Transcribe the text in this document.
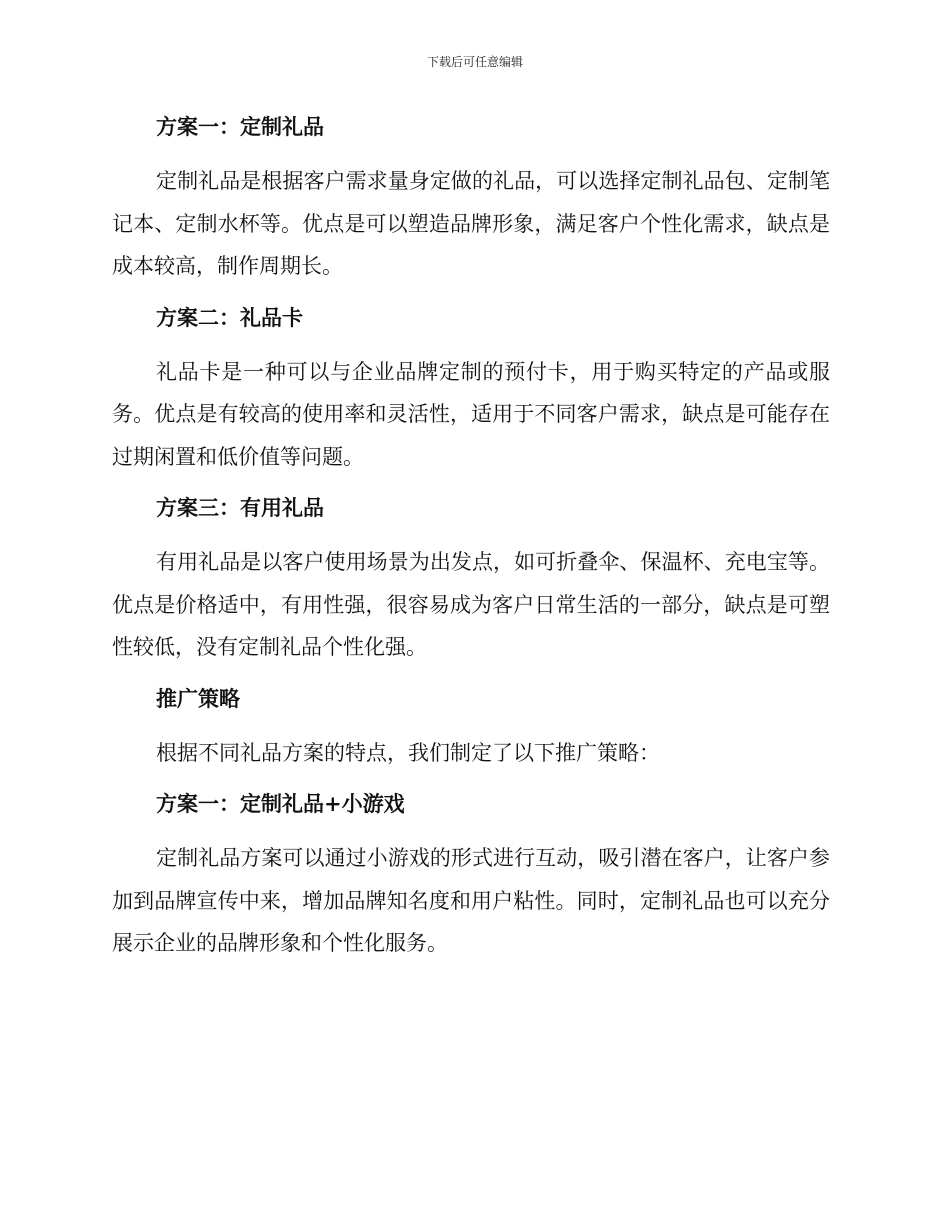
下载后可任意编辑
方案一：定制礼品

定制礼品是根据客户需求量身定做的礼品，可以选择定制礼品包、定制笔记本、定制水杯等。优点是可以塑造品牌形象，满足客户个性化需求，缺点是成本较高，制作周期长。

方案二：礼品卡

礼品卡是一种可以与企业品牌定制的预付卡，用于购买特定的产品或服务。优点是有较高的使用率和灵活性，适用于不同客户需求，缺点是可能存在过期闲置和低价值等问题。

方案三：有用礼品

有用礼品是以客户使用场景为出发点，如可折叠伞、保温杯、充电宝等。优点是价格适中，有用性强，很容易成为客户日常生活的一部分，缺点是可塑性较低，没有定制礼品个性化强。

推广策略

根据不同礼品方案的特点，我们制定了以下推广策略：

方案一：定制礼品+小游戏

定制礼品方案可以通过小游戏的形式进行互动，吸引潜在客户，让客户参加到品牌宣传中来，增加品牌知名度和用户粘性。同时，定制礼品也可以充分展示企业的品牌形象和个性化服务。
